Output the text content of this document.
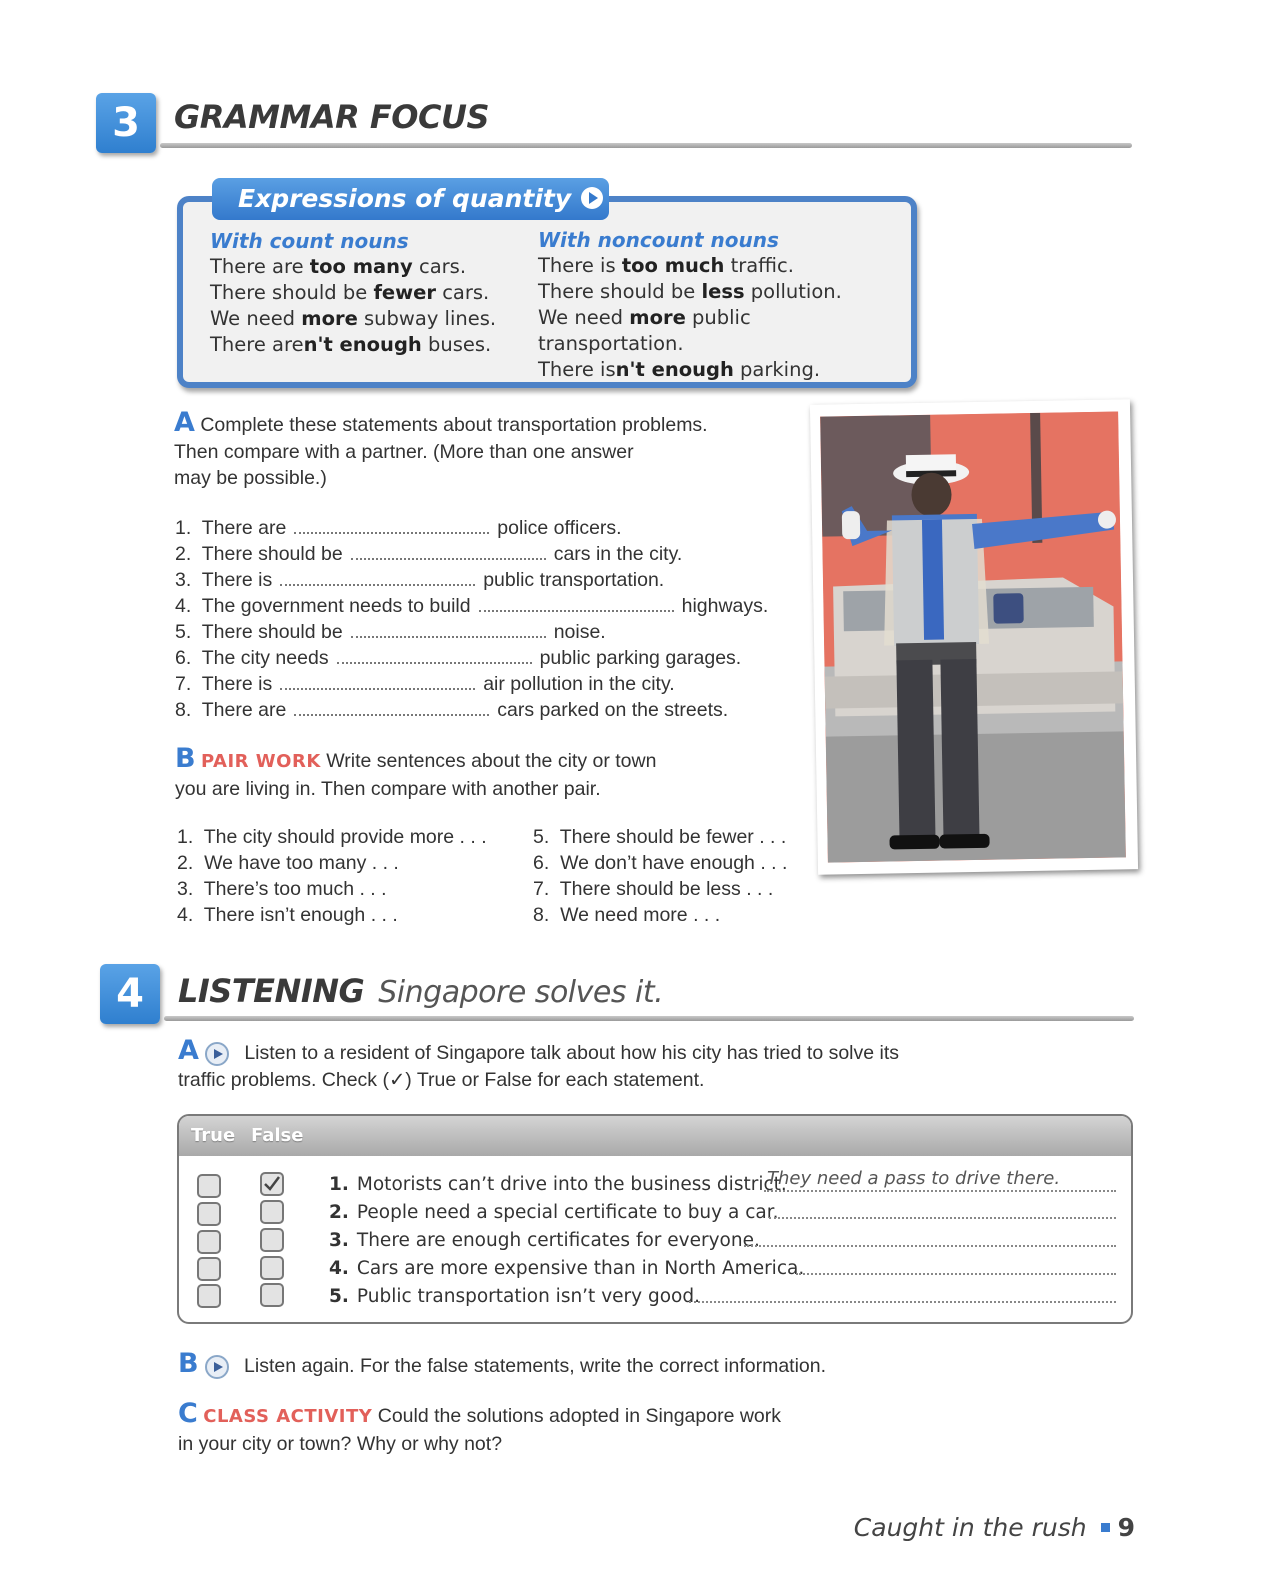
3	GRAMMAR FOCUS
Expressions of quantity
With count nouns
There are too many cars.
There should be fewer cars.
We need more subway lines.
There aren't enough buses.
With noncount nouns
There is too much traffic.
There should be less pollution.
We need more public transportation.
There isn't enough parking.
A Complete these statements about transportation problems.
Then compare with a partner. (More than one answer
may be possible.)
1. There are	police officers.
2. There should be	cars in the city.
3. There is	public transportation.
4. The government needs to build	highways.
5. There should be	noise.
6. The city needs	public parking garages.
7. There is	air pollution in the city.
8. There are	cars parked on the streets.
B PAIR WORK Write sentences about the city or town
you are living in. Then compare with another pair.
1. The city should provide more . . .
2. We have too many . . .
3. There’s too much . . .
4. There isn’t enough . . .
5. There should be fewer . . .
6. We don’t have enough . . .
7. There should be less . . .
8. We need more . . .
4	LISTENING Singapore solves it.
A Listen to a resident of Singapore talk about how his city has tried to solve its
traffic problems. Check (✓) True or False for each statement.
True False
1. Motorists can’t drive into the business district.
They need a pass to drive there.
2. People need a special certificate to buy a car.
3. There are enough certificates for everyone.
4. Cars are more expensive than in North America.
5. Public transportation isn’t very good.
B Listen again. For the false statements, write the correct information.
C CLASS ACTIVITY Could the solutions adopted in Singapore work
in your city or town? Why or why not?
Caught in the rush 9
